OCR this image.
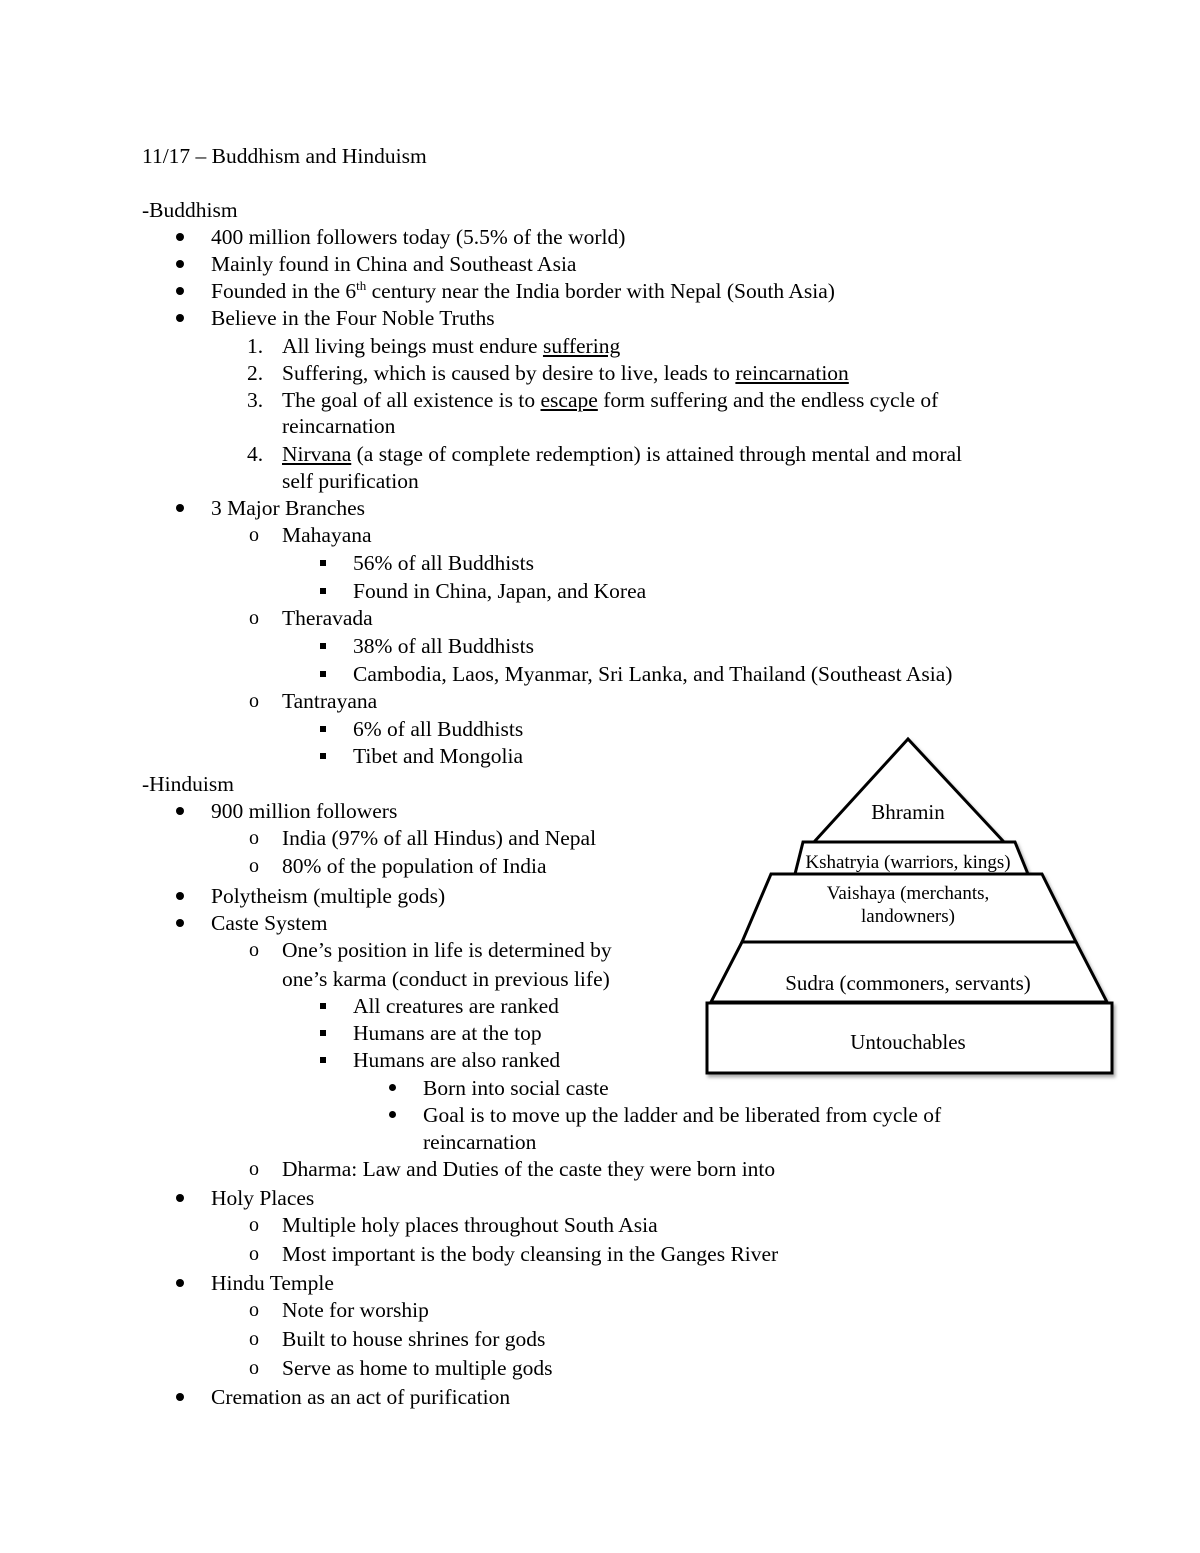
11/17 – Buddhism and Hinduism
-Buddhism
400 million followers today (5.5% of the world)
Mainly found in China and Southeast Asia
Founded in the 6th century near the India border with Nepal (South Asia)
Believe in the Four Noble Truths
1. All living beings must endure suffering
2. Suffering, which is caused by desire to live, leads to reincarnation
3. The goal of all existence is to escape form suffering and the endless cycle of
reincarnation
4. Nirvana (a stage of complete redemption) is attained through mental and moral
self purification
3 Major Branches
o Mahayana
56% of all Buddhists
Found in China, Japan, and Korea
o Theravada
38% of all Buddhists
Cambodia, Laos, Myanmar, Sri Lanka, and Thailand (Southeast Asia)
o Tantrayana
6% of all Buddhists
Tibet and Mongolia
-Hinduism
900 million followers
o India (97% of all Hindus) and Nepal
o 80% of the population of India
Polytheism (multiple gods)
Caste System
o One’s position in life is determined by
one’s karma (conduct in previous life)
All creatures are ranked
Humans are at the top
Humans are also ranked
Born into social caste
Goal is to move up the ladder and be liberated from cycle of
reincarnation
o Dharma: Law and Duties of the caste they were born into
Holy Places
o Multiple holy places throughout South Asia
o Most important is the body cleansing in the Ganges River
Hindu Temple
o Note for worship
o Built to house shrines for gods
o Serve as home to multiple gods
Cremation as an act of purification
Bhramin
Kshatryia (warriors, kings)
Vaishaya (merchants,
landowners)
Sudra (commoners, servants)
Untouchables
